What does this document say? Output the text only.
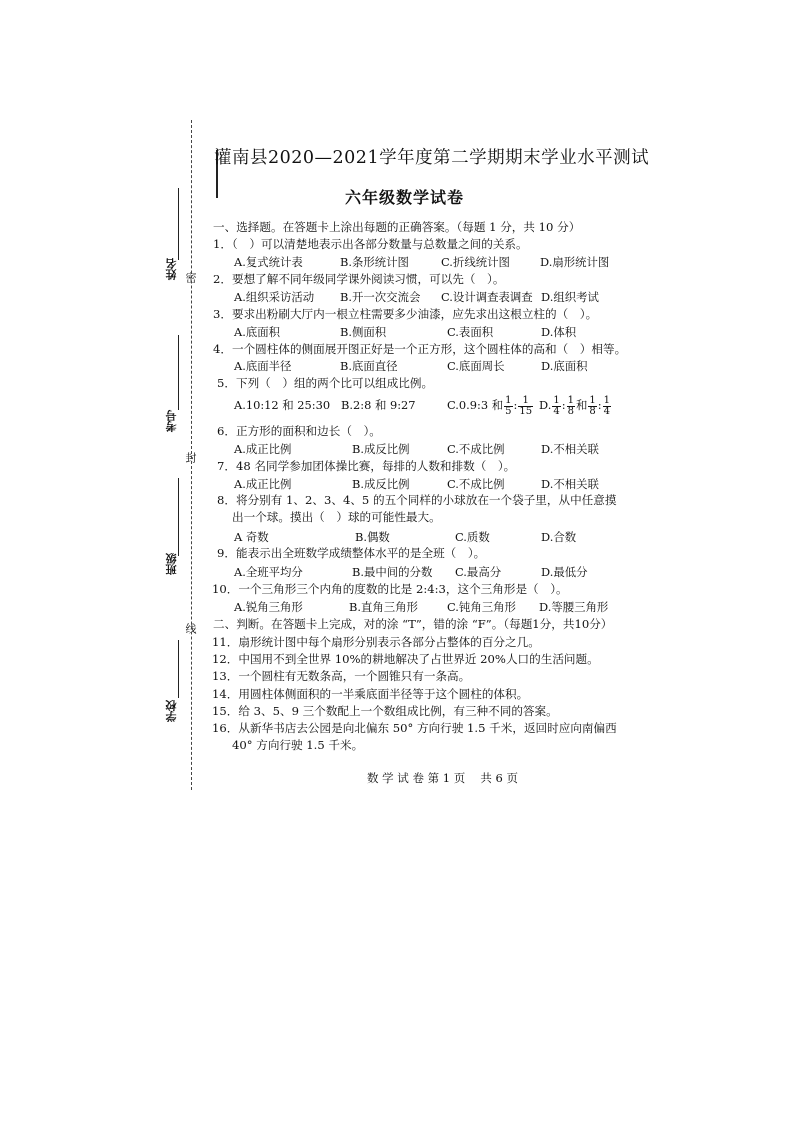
姓名 密
考号
封
班级
线
学校
灌南县2020—2021学年度第二学期期末学业水平测试
六年级数学试卷
一、选择题。在答题卡上涂出每题的正确答案。（每题 1 分，共 10 分）
1．（　）可以清楚地表示出各部分数量与总数量之间的关系。
A.复式统计表	B.条形统计图	C.折线统计图	D.扇形统计图
2．要想了解不同年级同学课外阅读习惯，可以先（　）。
A.组织采访活动 B.开一次交流会 C.设计调查表调查 D.组织考试
3．要求出粉刷大厅内一根立柱需要多少油漆，应先求出这根立柱的（　）。
A.底面积	B.侧面积	C.表面积	D.体积
4．一个圆柱体的侧面展开图正好是一个正方形，这个圆柱体的高和（　）相等。
A.底面半径	B.底面直径	C.底面周长	D.底面积
5．下列（　）组的两个比可以组成比例。
A.10:12 和 25:30 B.2:8 和 9:27	C.0.9:3 和 $\frac{1}{5}$ : $\frac{1}{15} D$. $\frac{1}{4}$ : $\frac{1}{8}$ 和 $\frac{1}{8}$ : $\frac{1}{4}$
6．正方形的面积和边长（　）。
A.成正比例	B.成反比例	C.不成比例	D.不相关联
7．48 名同学参加团体操比赛，每排的人数和排数（　）。
A.成正比例	B.成反比例	C.不成比例	D.不相关联
8．将分别有 1、2、3、4、5 的五个同样的小球放在一个袋子里，从中任意摸
出一个球。摸出（　）球的可能性最大。
A 奇数	B.偶数	C.质数	D.合数
9．能表示出全班数学成绩整体水平的是全班（　）。
A.全班平均分	B.最中间的分数 C.最高分	D.最低分
10．一个三角形三个内角的度数的比是 2:4:3，这个三角形是（　）。
A.锐角三角形	B.直角三角形	C.钝角三角形 D.等腰三角形
二、判断。在答题卡上完成，对的涂 “T”，错的涂 “F”。（每题1分，共10分）
11．扇形统计图中每个扇形分别表示各部分占整体的百分之几。
12．中国用不到全世界 10%的耕地解决了占世界近 20%人口的生活问题。
13．一个圆柱有无数条高，一个圆锥只有一条高。
14．用圆柱体侧面积的一半乘底面半径等于这个圆柱的体积。
15．给 3、5、9 三个数配上一个数组成比例，有三种不同的答案。
16．从新华书店去公园是向北偏东 50° 方向行驶 1.5 千米，返回时应向南偏西
40° 方向行驶 1.5 千米。
数 学 试 卷 第 1 页　 共 6 页
